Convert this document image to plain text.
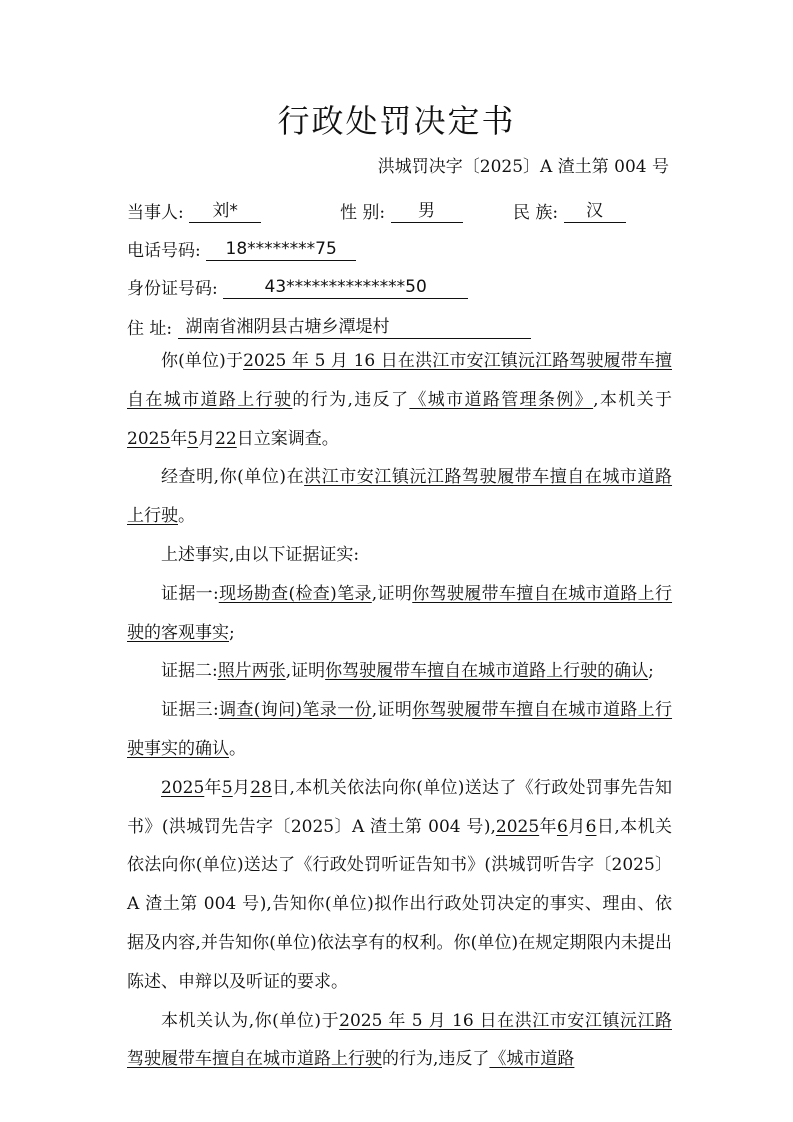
行政处罚决定书
洪城罚决字〔2025〕A 渣土第 004 号
当事人: 刘*	性 别: 男	民 族: 汉
电话号码: 18********75
身份证号码:	43**************50
住 址: 湖南省湘阴县古塘乡潭堤村

你(单位)于2025 年 5 月 16 日在洪江市安江镇沅江路驾驶履带车擅自在城市道路上行驶的行为,违反了《城市道路管理条例》,本机关于2025年5月22日立案调查。

经查明,你(单位)在洪江市安江镇沅江路驾驶履带车擅自在城市道路上行驶。

上述事实,由以下证据证实:

证据一:现场勘查(检查)笔录,证明你驾驶履带车擅自在城市道路上行驶的客观事实;

证据二:照片两张,证明你驾驶履带车擅自在城市道路上行驶的确认;

证据三:调查(询问)笔录一份,证明你驾驶履带车擅自在城市道路上行驶事实的确认。

2025年5月28日,本机关依法向你(单位)送达了《行政处罚事先告知书》(洪城罚先告字〔2025〕A 渣土第 004 号),2025年6月6日,本机关依法向你(单位)送达了《行政处罚听证告知书》(洪城罚听告字〔2025〕A 渣土第 004 号),告知你(单位)拟作出行政处罚决定的事实、理由、依据及内容,并告知你(单位)依法享有的权利。你(单位)在规定期限内未提出陈述、申辩以及听证的要求。

本机关认为,你(单位)于2025 年 5 月 16 日在洪江市安江镇沅江路驾驶履带车擅自在城市道路上行驶的行为,违反了《城市道路
